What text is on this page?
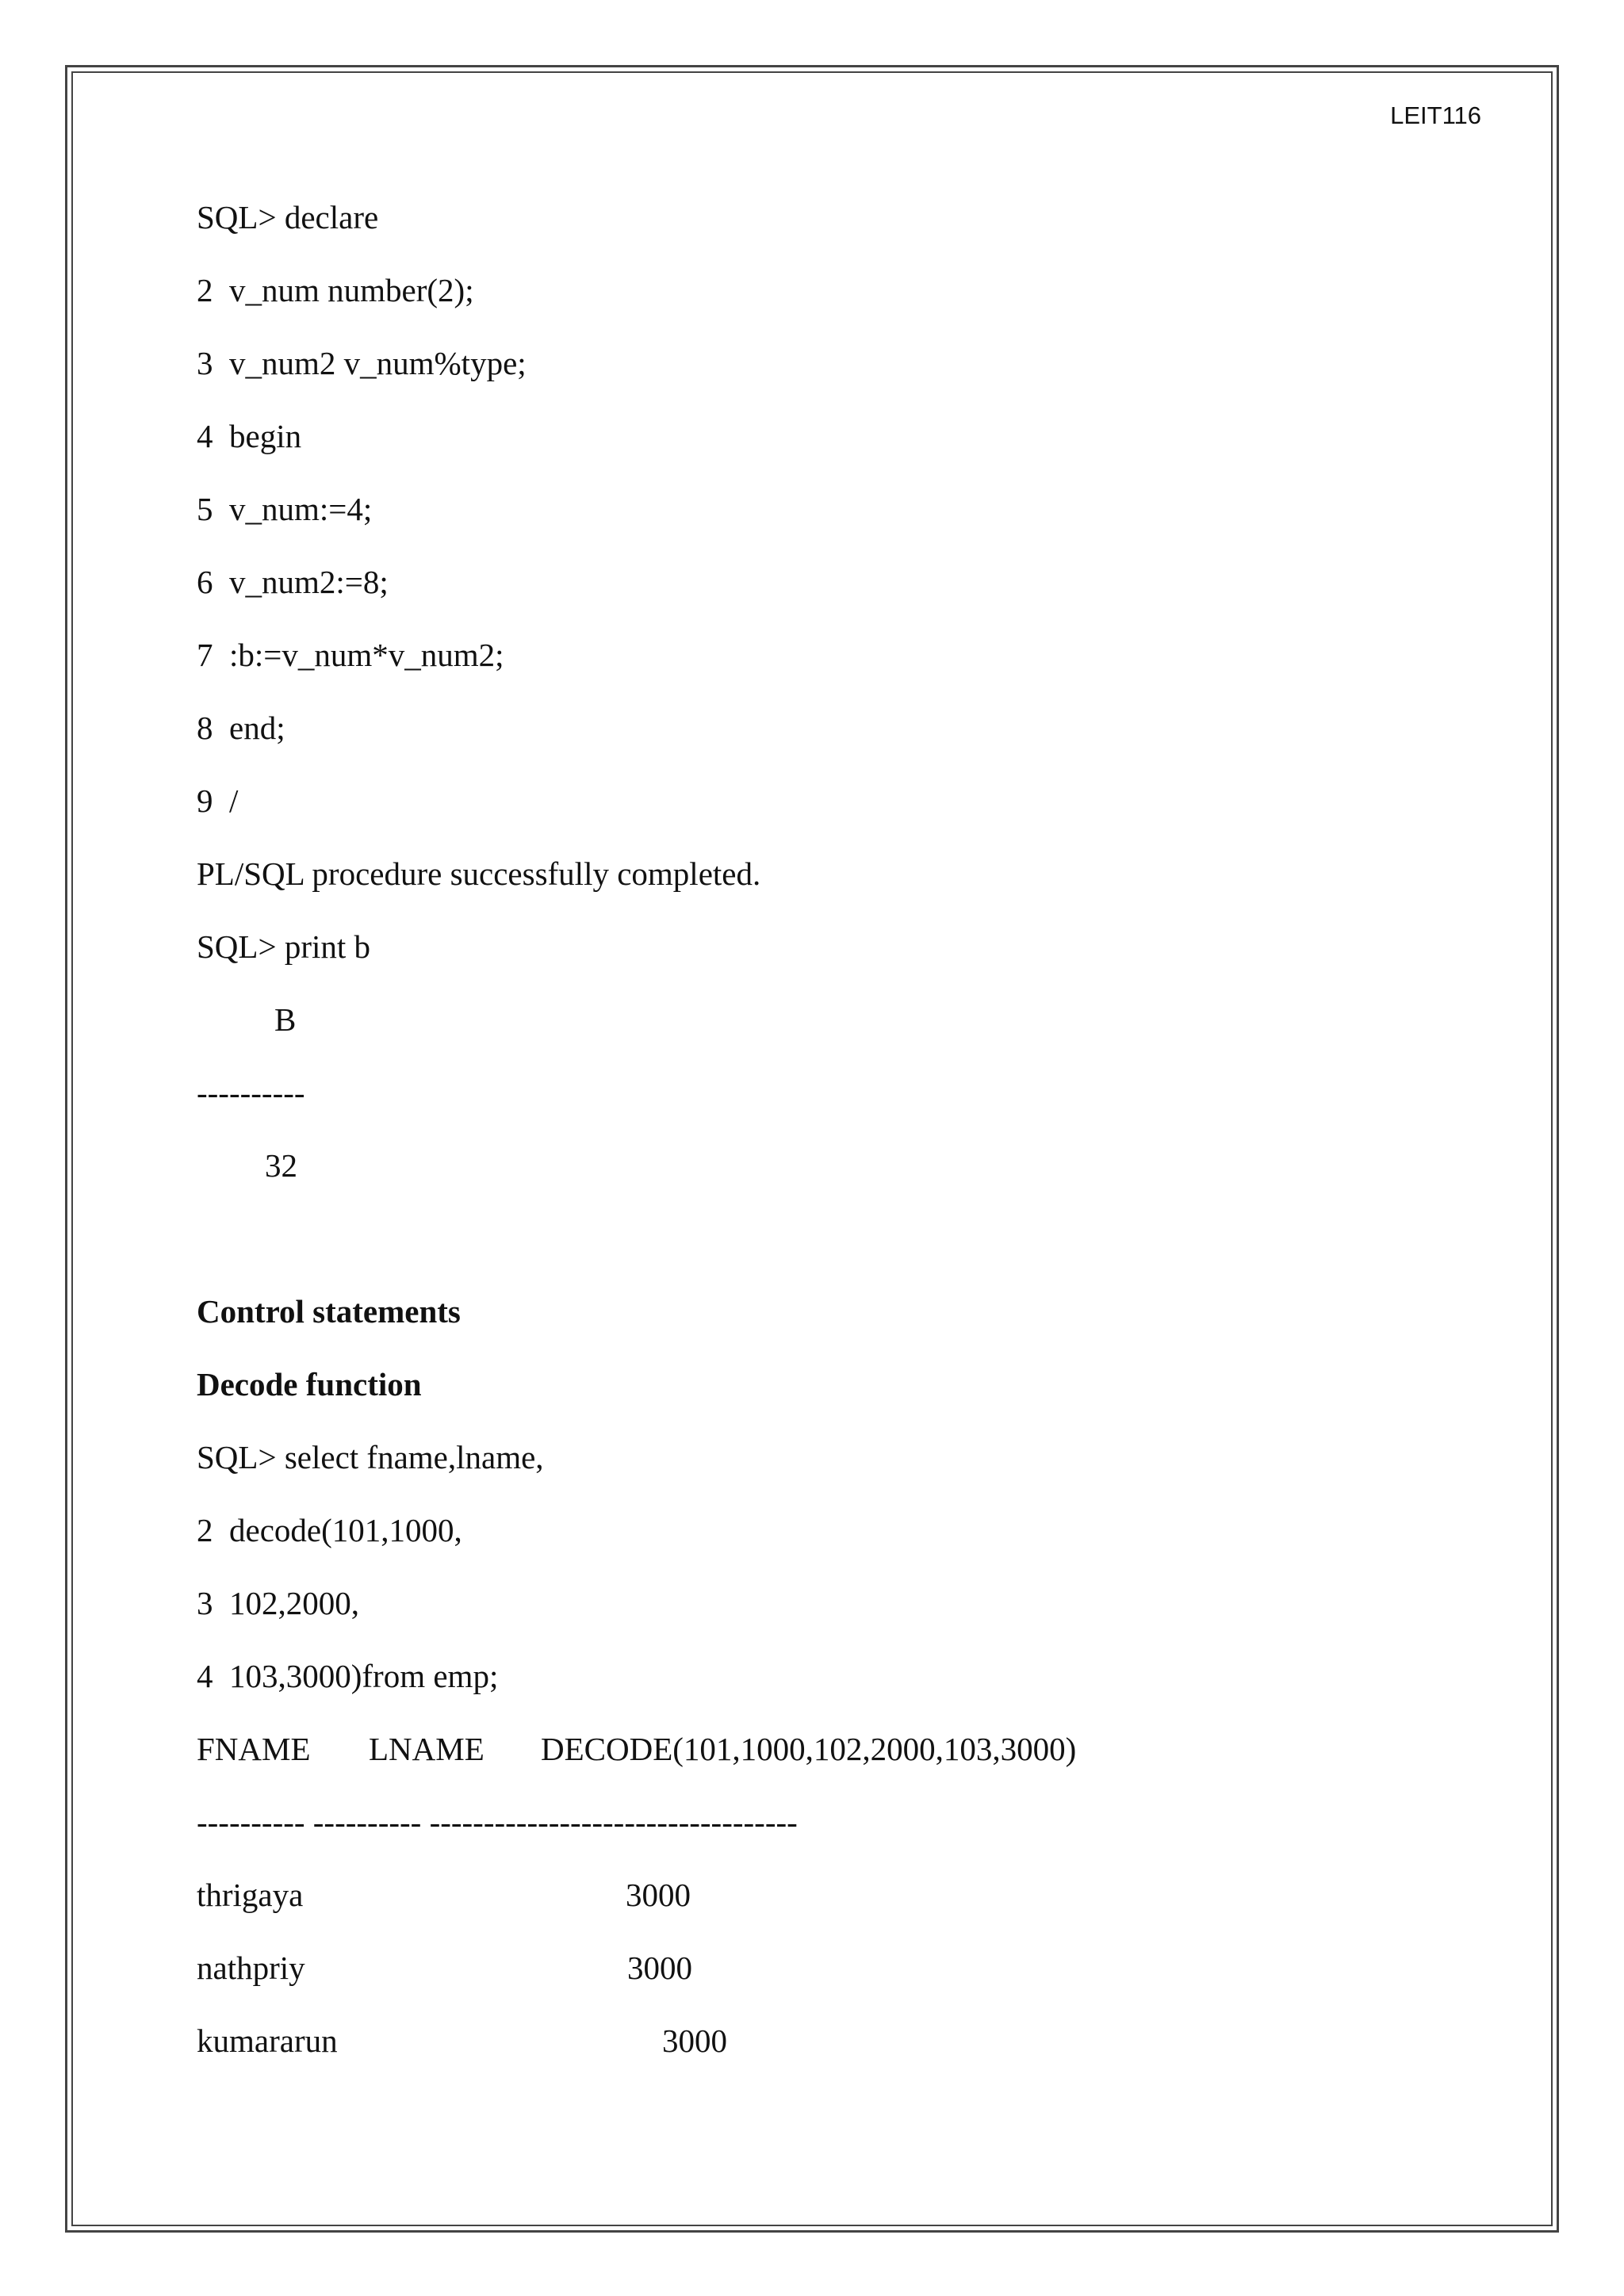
LEIT116
SQL> declare
2  v_num number(2);
3  v_num2 v_num%type;
4  begin
5  v_num:=4;
6  v_num2:=8;
7  :b:=v_num*v_num2;
8  end;
9  /
PL/SQL procedure successfully completed.
SQL> print b
B
----------
32
Control statements
Decode function
SQL> select fname,lname,
2  decode(101,1000,
3  102,2000,
4  103,3000)from emp;
FNAME LNAME DECODE(101,1000,102,2000,103,3000)
---------- ---------- ----------------------------------
thrigaya	3000
nathpriy	3000
kumararun	3000
